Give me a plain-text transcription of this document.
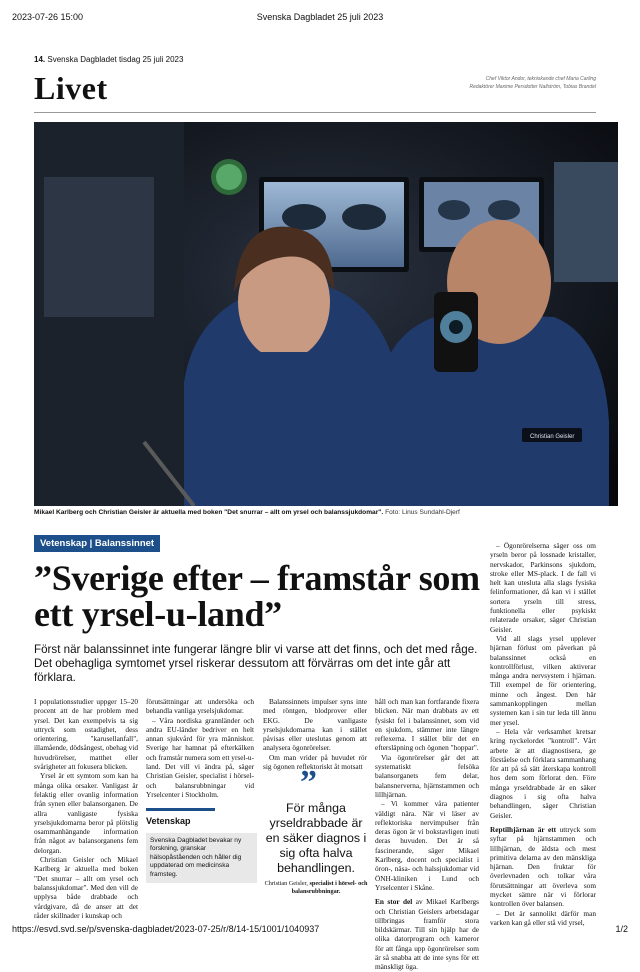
Svenska Dagbladet 25 juli 2023
2023-07-26 15:00
14. Svenska Dagbladet tisdag 25 juli 2023
Livet	Chef Viktor Andor, tekniskande chef Maria Carling
Redaktörer Maxime Persdotter Nallström, Tobias Brandel
Christian Geisler
Mikael Karlberg och Christian Geisler är aktuella med boken "Det snurrar – allt om yrsel och balanssjukdomar". Foto: Linus Sundahl-Djerf
Vetenskap | Balanssinnet
”Sverige efter – framstår som ett yrsel-u-land”
Först när balanssinnet inte fungerar längre blir vi varse att det finns, och det med råge. Det obehagliga symtomet yrsel riskerar dessutom att förvärras om det inte går att förklara.

I populationsstudier uppger 15–20 procent att de har problem med yrsel. Det kan exempelvis ta sig uttryck som ostadighet, dess orientering, "karusellanfall", illamående, dödsångest, obehag vid huvudrörelser, matthet eller svårigheter att fokusera blicken.

Yrsel är ett symtom som kan ha många olika orsaker. Vanligast är felaktig eller ovanlig information från synen eller balansorganen. De allra vanligaste fysiska yrselsjukdomarna beror på plötslig osammanhängande information från något av balansorganens fem delorgan.

Christian Geisler och Mikael Karlberg är aktuella med boken "Det snurrar – allt om yrsel och balanssjukdomar". Med den vill de upplysa både drabbade och vårdgivare, då de anser att det råder skillnader i kunskap och

förutsättningar att undersöka och behandla vanliga yrselsjukdomar.

– Våra nordiska grannländer och andra EU-länder bedriver en helt annan sjukvård för yra människor. Sverige har hamnat på efterkälken och framstår numera som ett yrsel-u-land. Det vill vi ändra på, säger Christian Geisler, specialist i hörsel- och balansrubbningar vid Yrselcenter i Stockholm.

Vetenskap
Svenska Dagbladet bevakar ny forskning, granskar hälsopåståenden och håller dig uppdaterad om medicinska framsteg.

Balanssinnets impulser syns inte med röntgen, blodprover eller EKG. De vanligaste yrselsjukdomarna kan i stället påvisas eller uteslutas genom att analysera ögonrörelser.

Om man vrider på huvudet rör sig ögonen reflektoriskt åt motsatt

”
För många yrseldrabbade är en säker diagnos i sig ofta halva behandlingen.
Christian Geisler, specialist i hörsel- och balansrubbningar.

håll och man kan fortfarande fixera blicken. När man drabbats av ett fysiskt fel i balanssinnet, som vid en sjukdom, stämmer inte längre reflexerna. I stället blir det en eftersläpning och ögonen "hoppar".

Via ögonrörelser går det att systematiskt felsöka balansorganets fem delar, balansnerverna, hjärnstammen och lillhjärnan.

– Vi kommer våra patienter väldigt nära. När vi läser av reflektoriska nervimpulser från deras ögon är vi bokstavligen inuti deras huvuden. Det är så fascinerande, säger Mikael Karlberg, docent och specialist i öron-, näsa- och halssjukdomar vid ÖNH-kliniken i Lund och Yrselcenter i Skåne.

En stor del av Mikael Karlbergs och Christian Geislers arbetsdagar tillbringas framför stora bildskärmar. Till sin hjälp har de olika datorprogram och kameror för att fånga upp ögonrörelser som är så snabba att de inte syns för ett mänskligt öga.

– Ögonrörelserna säger oss om yrseln beror på lossnade kristaller, nervskador, Parkinsons sjukdom, stroke eller MS-plack. I de fall vi helt kan utesluta alla slags fysiska felinformationer, då kan vi i stället sortera yrseln till stress, funktionella eller psykiskt relaterade orsaker, säger Christian Geisler.

Vid all slags yrsel upplever hjärnan förlust om påverkan på balanssinnet också en kontrollförlust, vilken aktiverar många andra nervsystem i hjärnan. Till exempel de för orientering, minne och ångest. Den här sammankopplingen mellan systemen kan i sin tur leda till ännu mer yrsel.

– Hela vår verksamhet kretsar kring nyckelordet "kontroll". Vårt arbete är att diagnostisera, ge förståelse och förklara sammanhang för att på så sätt återskapa kontroll hos dem som förlorat den. Före många yrseldrabbade är en säker diagnos i sig ofta halva behandlingen, säger Christian Geisler.

Reptilhjärnan är ett uttryck som syftar på hjärnstammen och lillhjärnan, de äldsta och mest primitiva delarna av den mänskliga hjärnan. Den fruktar för överlevnaden och tolkar våra förutsättningar att överleva som mycket sämre när vi förlorar kontrollen över balansen.

– Det är sannolikt därför man varken kan gå eller stå vid yrsel,

https://esvd.svd.se/p/svenska-dagbladet/2023-07-25/r/8/14-15/1001/1040937	1/2
